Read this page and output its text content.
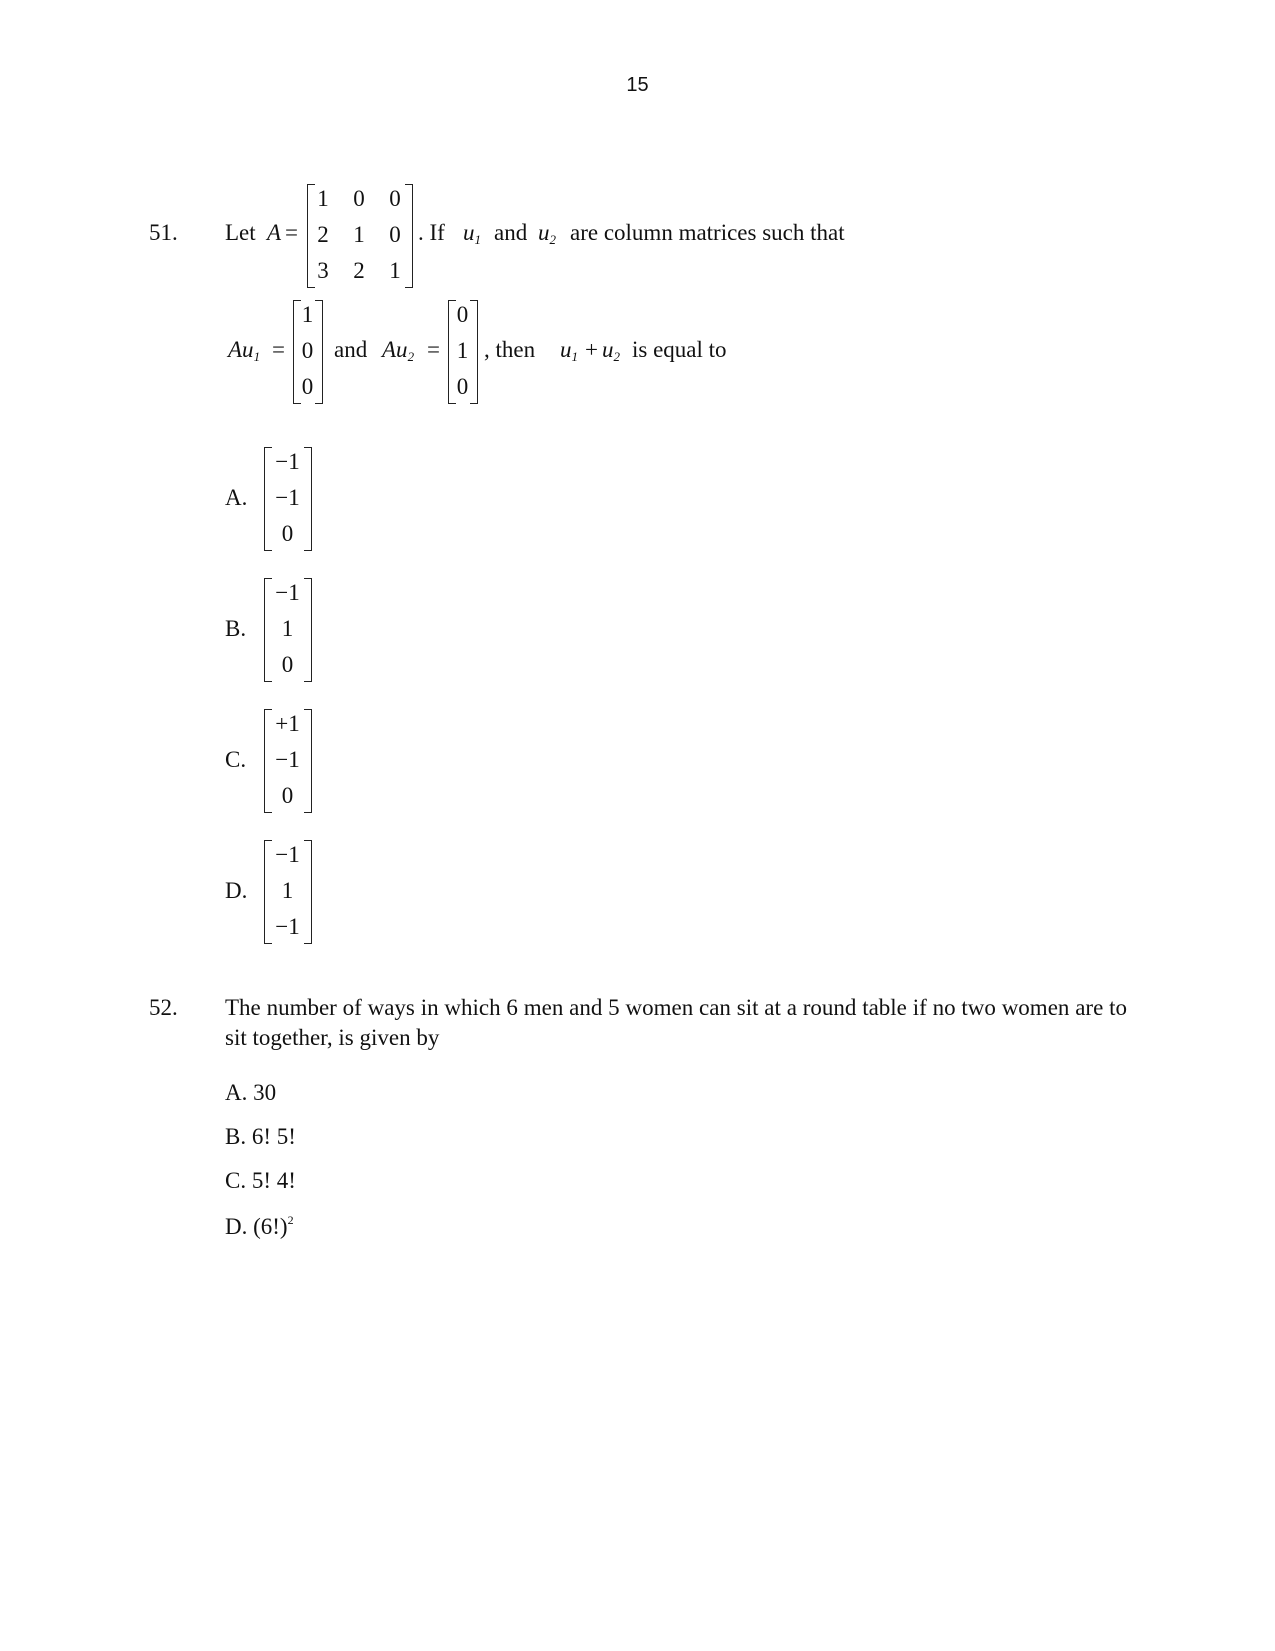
15
51. Let A =
1 0 0
2 1 0
3 2 1
. If $u_1$ and $u_2$ are column matrices such that
$Au_1$ =
1
0
0
and $Au_2$ =
0
1
0
, then $u_1 + u_2$ is equal to
A.
−1
−1
0
B.
−1
1
0
C.
+1
−1
0
D.
−1
1
−1
52. The number of ways in which 6 men and 5 women can sit at a round table if no two women are to sit together, is given by
A. 30
B. 6! 5!
C. 5! 4!
D. $(6!)^2$
